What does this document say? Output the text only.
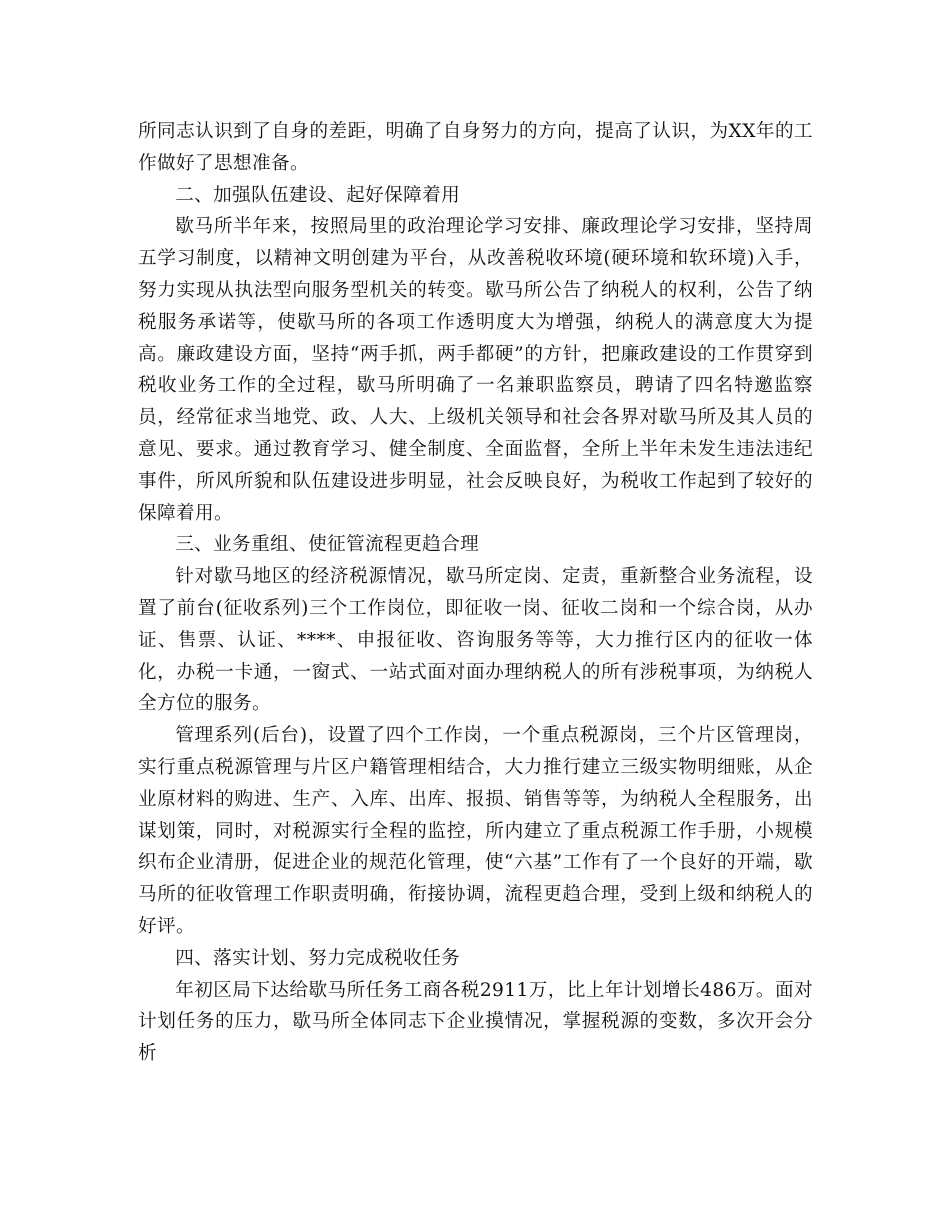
所同志认识到了自身的差距，明确了自身努力的方向，提高了认识，为XX年的工作做好了思想准备。

二、加强队伍建设、起好保障着用

歇马所半年来，按照局里的政治理论学习安排、廉政理论学习安排，坚持周五学习制度，以精神文明创建为平台，从改善税收环境(硬环境和软环境)入手，努力实现从执法型向服务型机关的转变。歇马所公告了纳税人的权利，公告了纳税服务承诺等，使歇马所的各项工作透明度大为增强，纳税人的满意度大为提高。廉政建设方面，坚持“两手抓，两手都硬”的方针，把廉政建设的工作贯穿到税收业务工作的全过程，歇马所明确了一名兼职监察员，聘请了四名特邀监察员，经常征求当地党、政、人大、上级机关领导和社会各界对歇马所及其人员的意见、要求。通过教育学习、健全制度、全面监督，全所上半年未发生违法违纪事件，所风所貌和队伍建设进步明显，社会反映良好，为税收工作起到了较好的保障着用。

三、业务重组、使征管流程更趋合理

针对歇马地区的经济税源情况，歇马所定岗、定责，重新整合业务流程，设置了前台(征收系列)三个工作岗位，即征收一岗、征收二岗和一个综合岗，从办证、售票、认证、****、申报征收、咨询服务等等，大力推行区内的征收一体化，办税一卡通，一窗式、一站式面对面办理纳税人的所有涉税事项，为纳税人全方位的服务。

管理系列(后台)，设置了四个工作岗，一个重点税源岗，三个片区管理岗，实行重点税源管理与片区户籍管理相结合，大力推行建立三级实物明细账，从企业原材料的购进、生产、入库、出库、报损、销售等等，为纳税人全程服务，出谋划策，同时，对税源实行全程的监控，所内建立了重点税源工作手册，小规模织布企业清册，促进企业的规范化管理，使“六基”工作有了一个良好的开端，歇马所的征收管理工作职责明确，衔接协调，流程更趋合理，受到上级和纳税人的好评。

四、落实计划、努力完成税收任务

年初区局下达给歇马所任务工商各税2911万，比上年计划增长486万。面对计划任务的压力，歇马所全体同志下企业摸情况，掌握税源的变数，多次开会分析
